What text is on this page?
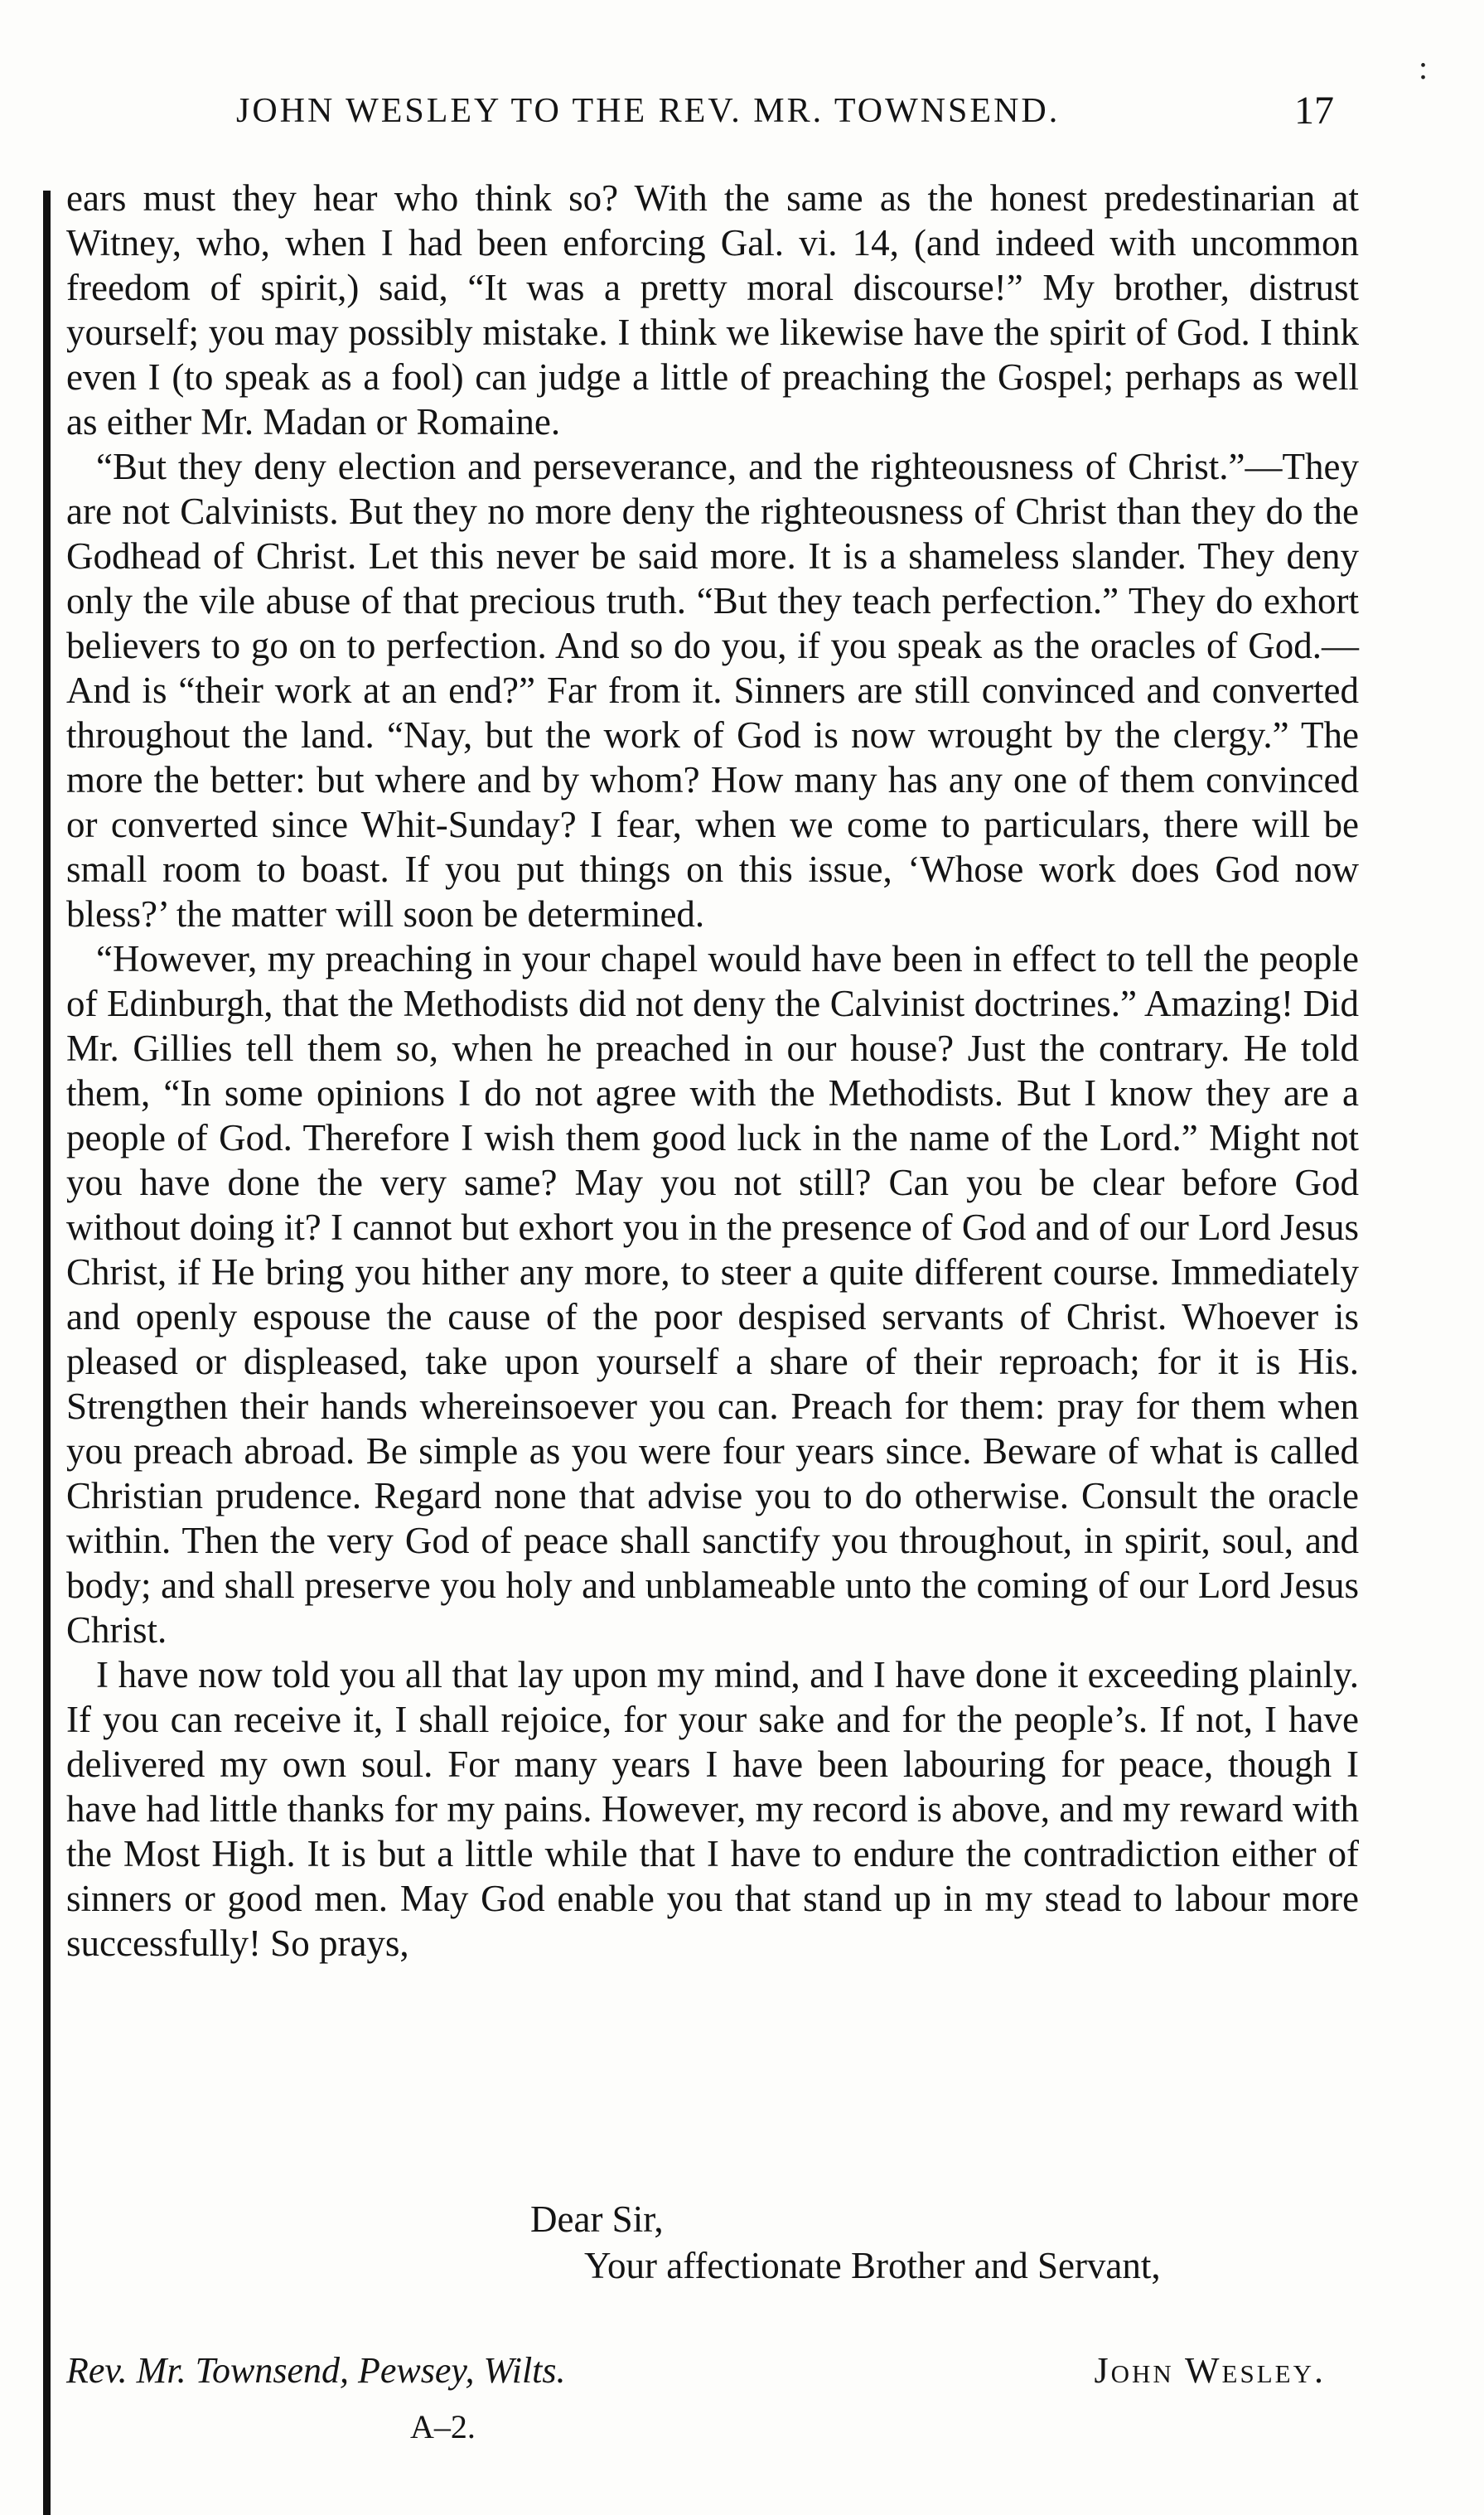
:
JOHN WESLEY TO THE REV. MR. TOWNSEND.	17

ears must they hear who think so? With the same as the honest predestinarian at Witney, who, when I had been enforcing Gal. vi. 14, (and indeed with uncommon freedom of spirit,) said, “It was a pretty moral discourse!” My brother, distrust yourself; you may possibly mistake. I think we likewise have the spirit of God. I think even I (to speak as a fool) can judge a little of preaching the Gospel; perhaps as well as either Mr. Madan or Romaine.

“But they deny election and perseverance, and the righteousness of Christ.”—They are not Calvinists. But they no more deny the righteousness of Christ than they do the Godhead of Christ. Let this never be said more. It is a shameless slander. They deny only the vile abuse of that precious truth. “But they teach perfection.” They do exhort believers to go on to perfection. And so do you, if you speak as the oracles of God.—And is “their work at an end?” Far from it. Sinners are still convinced and converted throughout the land. “Nay, but the work of God is now wrought by the clergy.” The more the better: but where and by whom? How many has any one of them convinced or converted since Whit-Sunday? I fear, when we come to particulars, there will be small room to boast. If you put things on this issue, ‘Whose work does God now bless?’ the matter will soon be determined.

“However, my preaching in your chapel would have been in effect to tell the people of Edinburgh, that the Methodists did not deny the Calvinist doctrines.” Amazing! Did Mr. Gillies tell them so, when he preached in our house? Just the contrary. He told them, “In some opinions I do not agree with the Methodists. But I know they are a people of God. Therefore I wish them good luck in the name of the Lord.” Might not you have done the very same? May you not still? Can you be clear before God without doing it? I cannot but exhort you in the presence of God and of our Lord Jesus Christ, if He bring you hither any more, to steer a quite different course. Immediately and openly espouse the cause of the poor despised servants of Christ. Whoever is pleased or displeased, take upon yourself a share of their reproach; for it is His. Strengthen their hands whereinsoever you can. Preach for them: pray for them when you preach abroad. Be simple as you were four years since. Beware of what is called Christian prudence. Regard none that advise you to do otherwise. Consult the oracle within. Then the very God of peace shall sanctify you throughout, in spirit, soul, and body; and shall preserve you holy and unblameable unto the coming of our Lord Jesus Christ.

I have now told you all that lay upon my mind, and I have done it exceeding plainly. If you can receive it, I shall rejoice, for your sake and for the people’s. If not, I have delivered my own soul. For many years I have been labouring for peace, though I have had little thanks for my pains. However, my record is above, and my reward with the Most High. It is but a little while that I have to endure the contradiction either of sinners or good men. May God enable you that stand up in my stead to labour more successfully! So prays,

Dear Sir,
Your affectionate Brother and Servant,
Rev. Mr. Townsend, Pewsey, Wilts.	John Wesley.
A–2.
